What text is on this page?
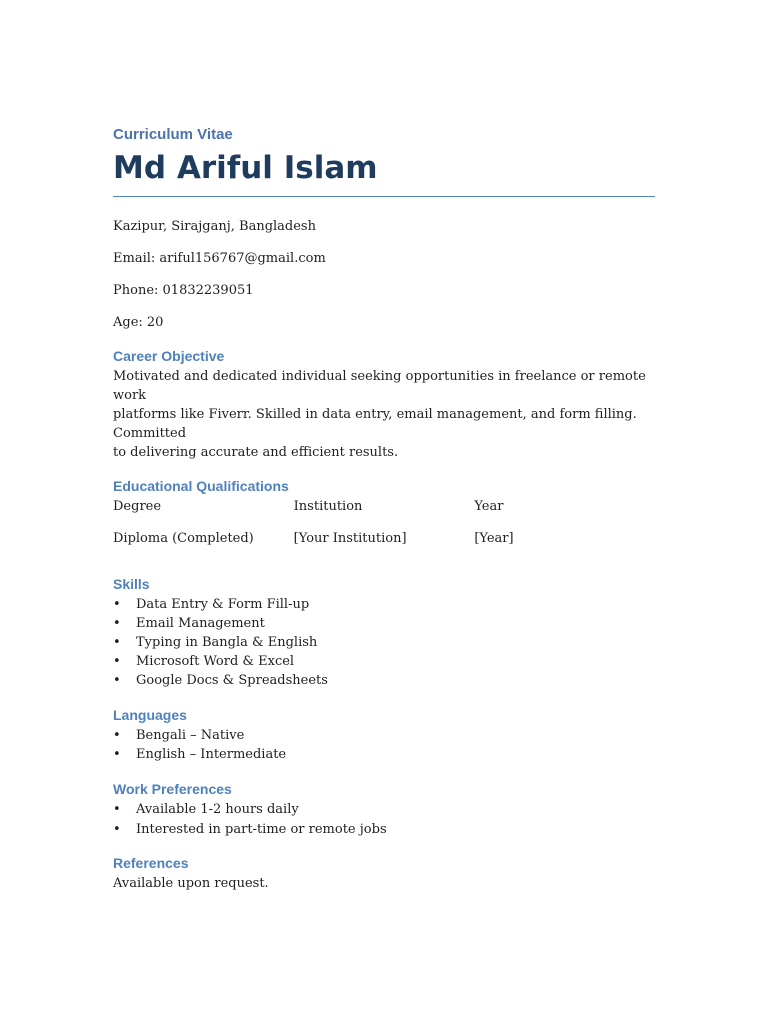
Curriculum Vitae

Md Ariful Islam

Kazipur, Sirajganj, Bangladesh

Email: ariful156767@gmail.com

Phone: 01832239051

Age: 20

Career Objective

Motivated and dedicated individual seeking opportunities in freelance or remote work

platforms like Fiverr. Skilled in data entry, email management, and form filling. Committed

to delivering accurate and efficient results.

Educational Qualifications
Degree	Institution	Year
Diploma (Completed)	[Your Institution]	[Year]
Skills
• Data Entry & Form Fill-up
• Email Management
• Typing in Bangla & English
• Microsoft Word & Excel
• Google Docs & Spreadsheets
Languages
• Bengali – Native
• English – Intermediate
Work Preferences
• Available 1-2 hours daily
• Interested in part-time or remote jobs
References

Available upon request.
